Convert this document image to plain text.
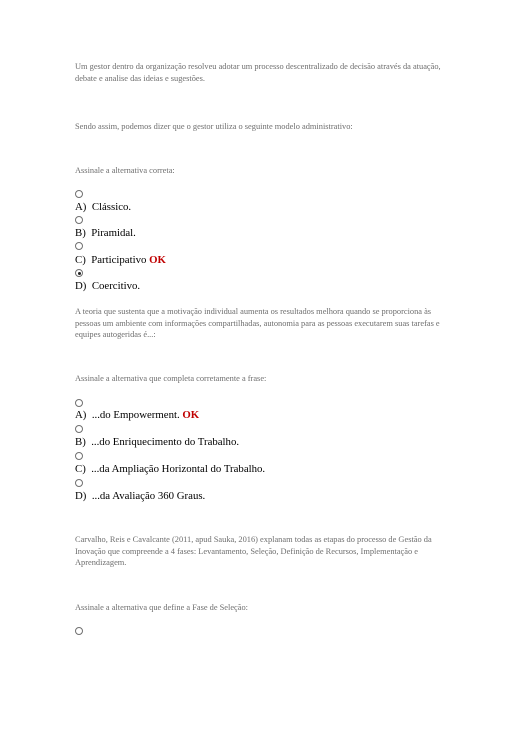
Um gestor dentro da organização resolveu adotar um processo descentralizado de decisão através da atuação, debate e analise das ideias e sugestões.
Sendo assim, podemos dizer que o gestor utiliza o seguinte modelo administrativo:
Assinale a alternativa correta:
A) Clássico.
B) Piramidal.
C) Participativo OK
D) Coercitivo.
A teoria que sustenta que a motivação individual aumenta os resultados melhora quando se proporciona às pessoas um ambiente com informações compartilhadas, autonomia para as pessoas executarem suas tarefas e equipes autogeridas é...:
Assinale a alternativa que completa corretamente a frase:
A) ...do Empowerment. OK
B) ...do Enriquecimento do Trabalho.
C) ...da Ampliação Horizontal do Trabalho.
D) ...da Avaliação 360 Graus.
Carvalho, Reis e Cavalcante (2011, apud Sauka, 2016) explanam todas as etapas do processo de Gestão da Inovação que compreende a 4 fases: Levantamento, Seleção, Definição de Recursos, Implementação e Aprendizagem.
Assinale a alternativa que define a Fase de Seleção:
